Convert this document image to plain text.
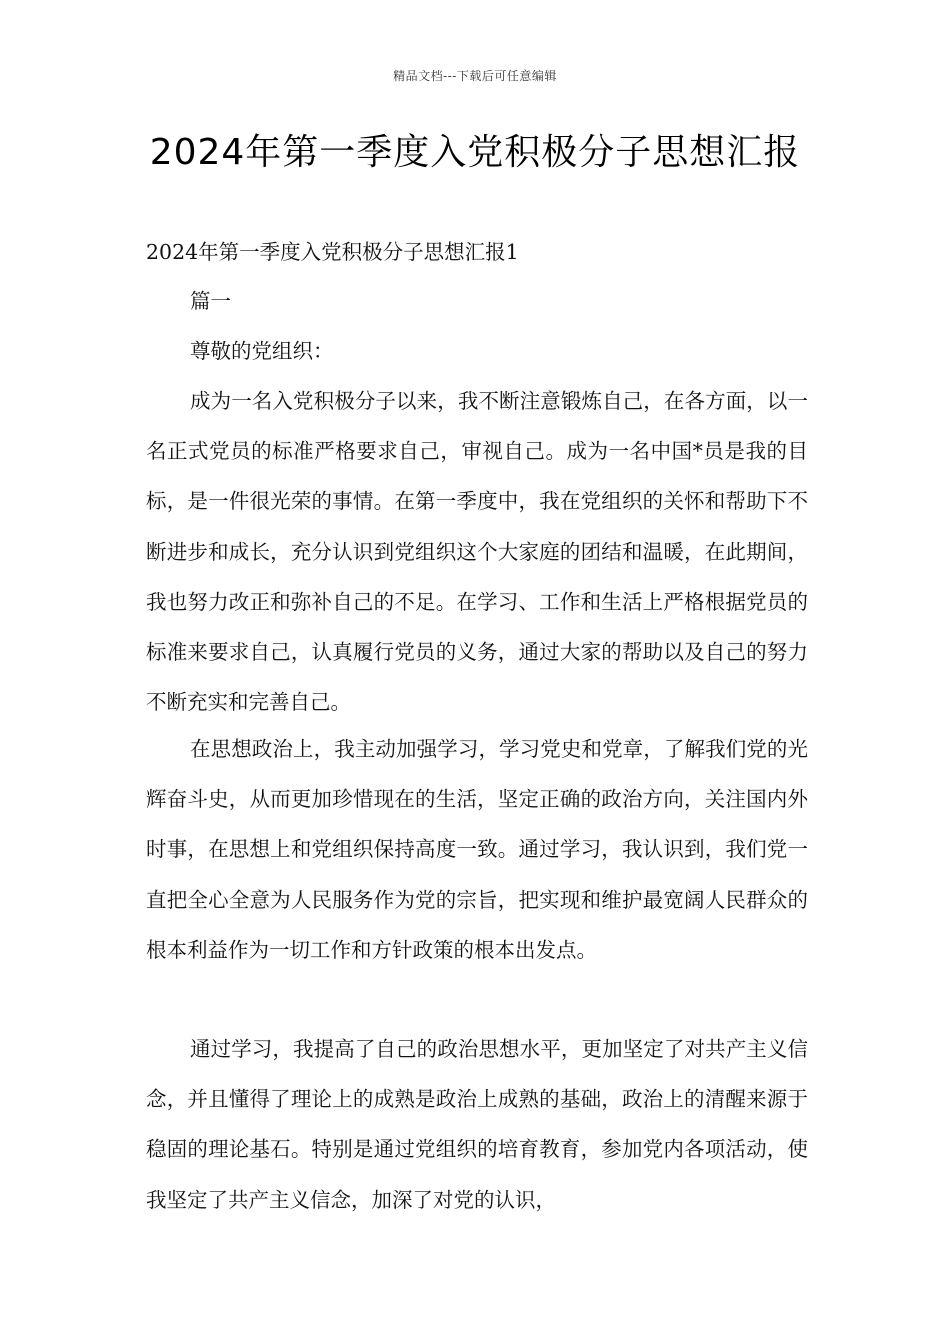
精品文档---下载后可任意编辑
2024年第一季度入党积极分子思想汇报

2024年第一季度入党积极分子思想汇报1

篇一

尊敬的党组织：

成为一名入党积极分子以来，我不断注意锻炼自己，在各方面，以一名正式党员的标准严格要求自己，审视自己。成为一名中国*员是我的目标，是一件很光荣的事情。在第一季度中，我在党组织的关怀和帮助下不断进步和成长，充分认识到党组织这个大家庭的团结和温暖，在此期间，我也努力改正和弥补自己的不足。在学习、工作和生活上严格根据党员的标准来要求自己，认真履行党员的义务，通过大家的帮助以及自己的努力不断充实和完善自己。

在思想政治上，我主动加强学习，学习党史和党章，了解我们党的光辉奋斗史，从而更加珍惜现在的生活，坚定正确的政治方向，关注国内外时事，在思想上和党组织保持高度一致。通过学习，我认识到，我们党一直把全心全意为人民服务作为党的宗旨，把实现和维护最宽阔人民群众的根本利益作为一切工作和方针政策的根本出发点。

通过学习，我提高了自己的政治思想水平，更加坚定了对共产主义信念，并且懂得了理论上的成熟是政治上成熟的基础，政治上的清醒来源于稳固的理论基石。特别是通过党组织的培育教育，参加党内各项活动，使我坚定了共产主义信念，加深了对党的认识，
